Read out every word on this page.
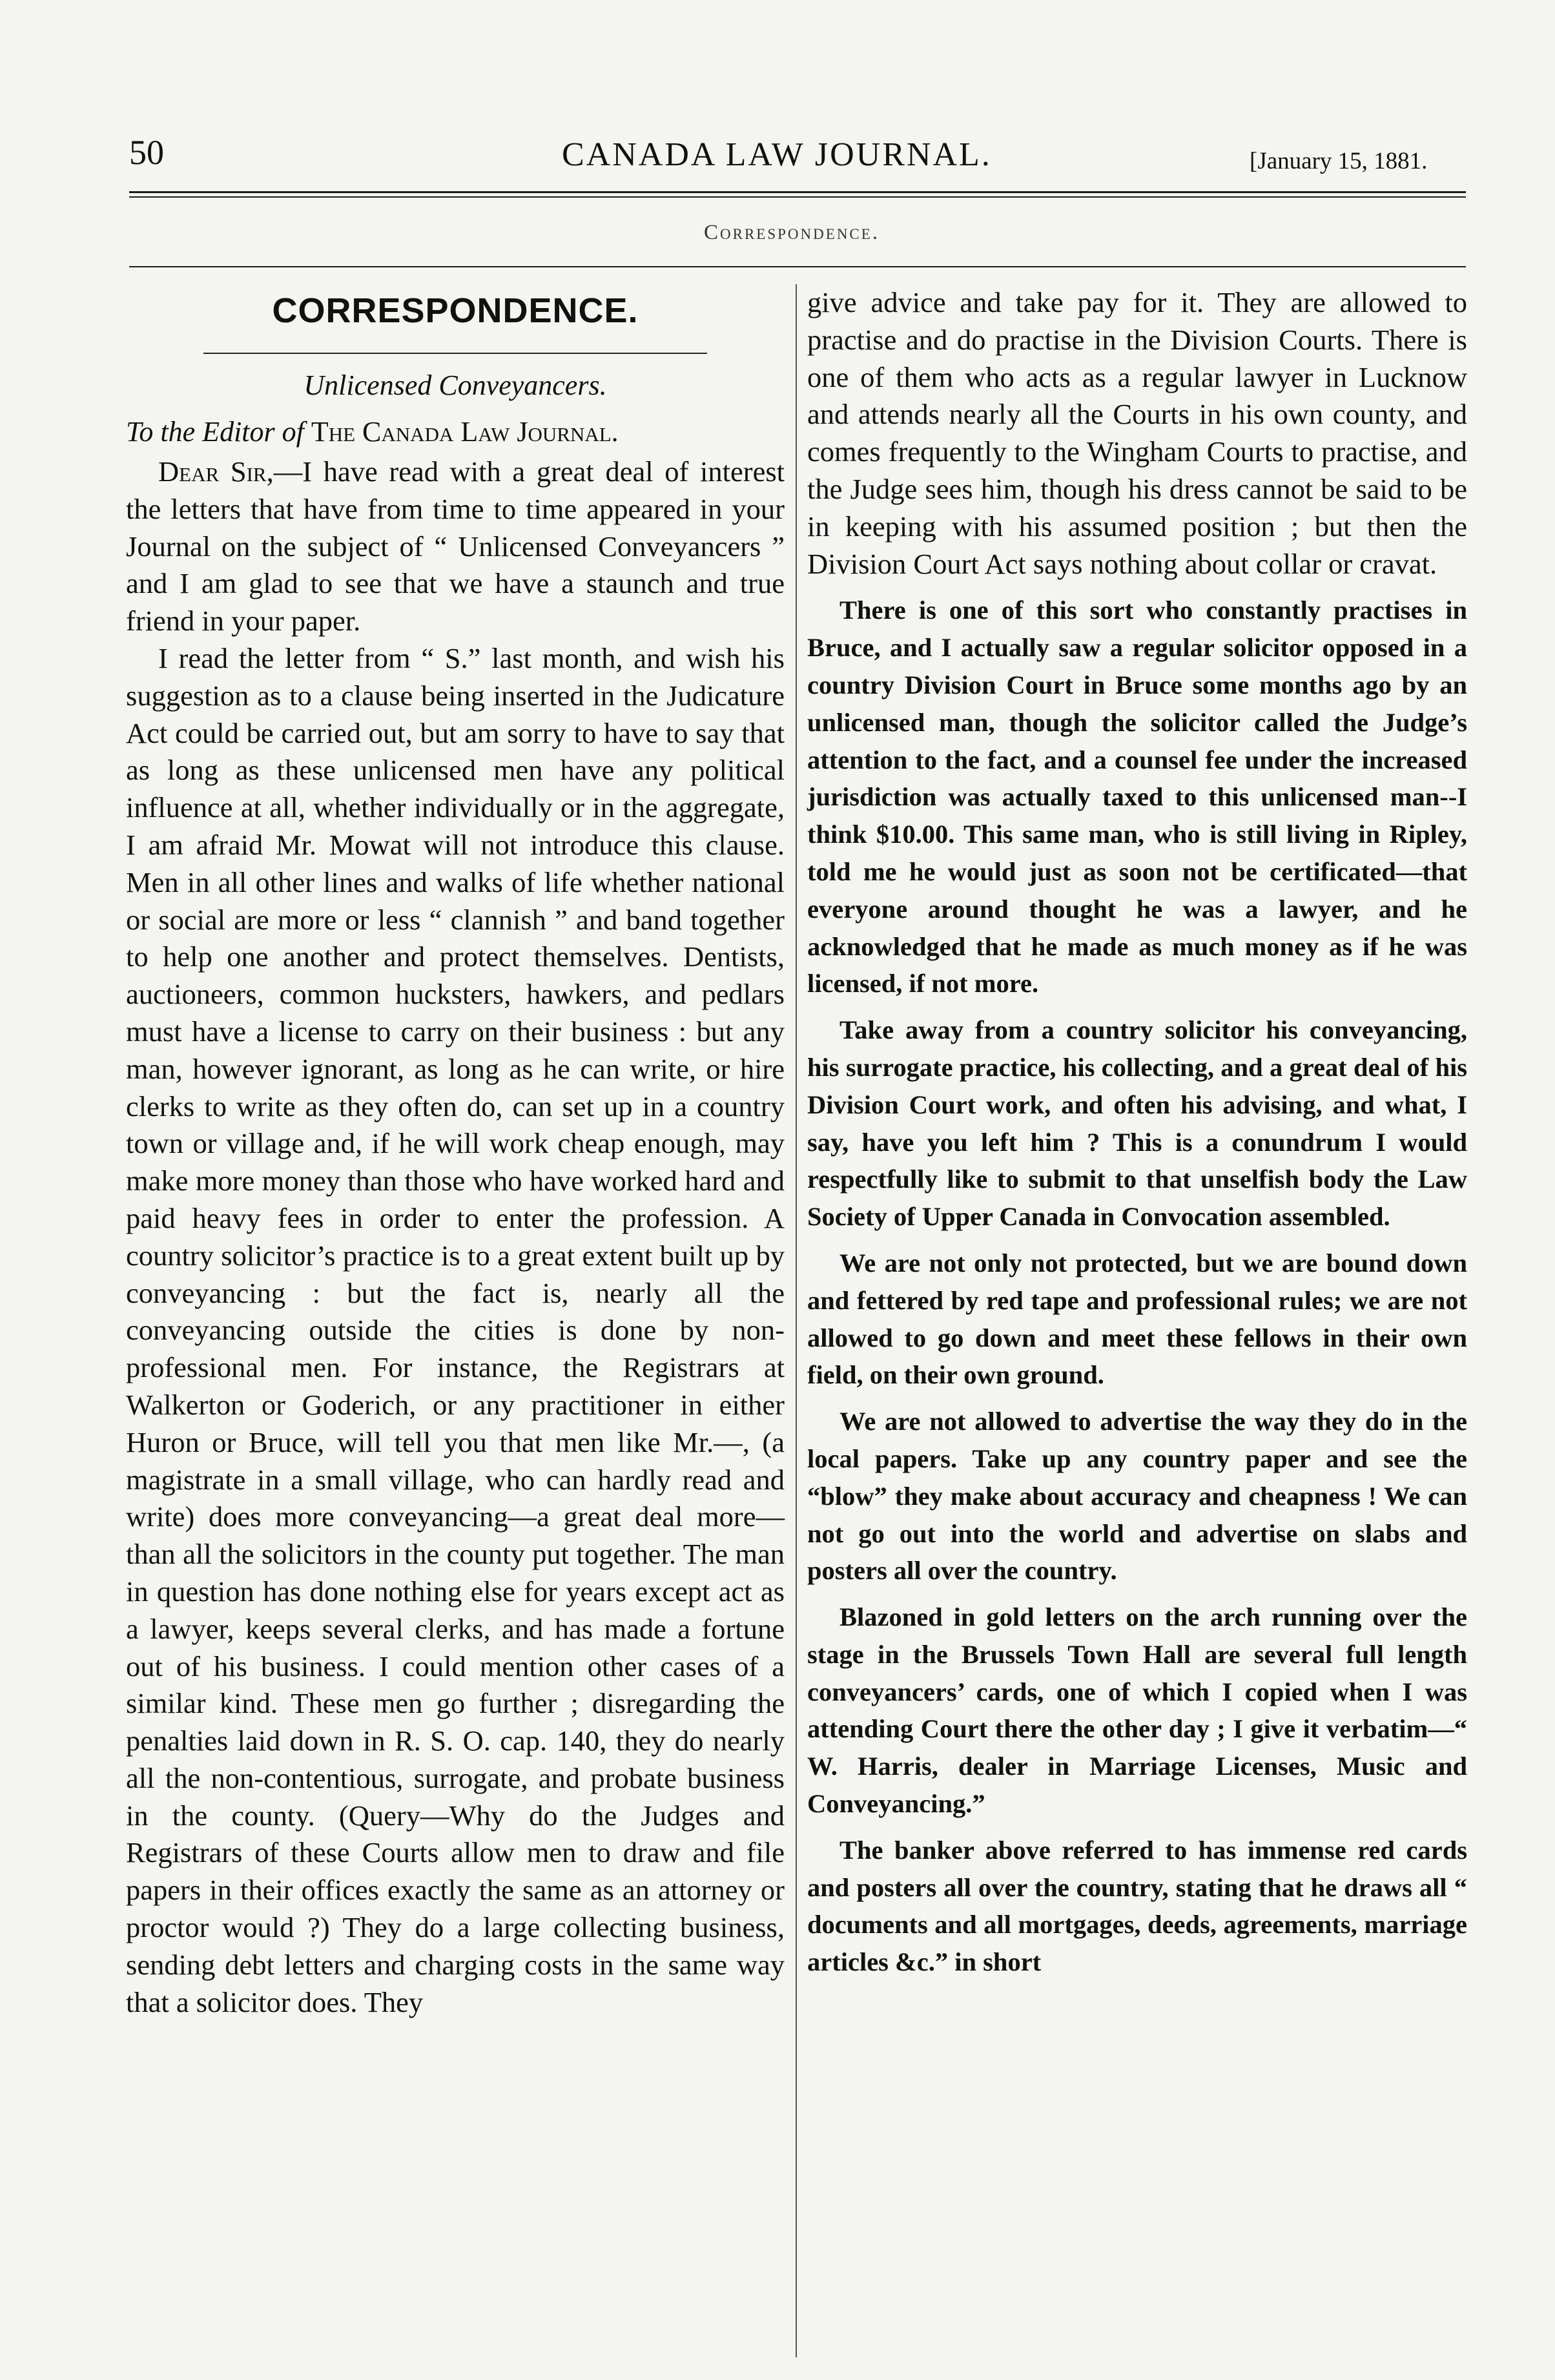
50	CANADA LAW JOURNAL.	[January 15, 1881.
Correspondence.
CORRESPONDENCE.
Unlicensed Conveyancers.
To the Editor of The Canada Law Journal.

Dear Sir,—I have read with a great deal of interest the letters that have from time to time appeared in your Journal on the subject of “ Unlicensed Conveyancers ” and I am glad to see that we have a staunch and true friend in your paper.

I read the letter from “ S.” last month, and wish his suggestion as to a clause being inserted in the Judicature Act could be carried out, but am sorry to have to say that as long as these unlicensed men have any political influence at all, whether individually or in the aggregate, I am afraid Mr. Mowat will not introduce this clause. Men in all other lines and walks of life whether national or social are more or less “ clannish ” and band together to help one another and protect themselves. Dentists, auctioneers, common hucksters, hawkers, and pedlars must have a license to carry on their business : but any man, however ignorant, as long as he can write, or hire clerks to write as they often do, can set up in a country town or village and, if he will work cheap enough, may make more money than those who have worked hard and paid heavy fees in order to enter the profession. A country solicitor’s practice is to a great extent built up by conveyancing : but the fact is, nearly all the conveyancing outside the cities is done by non-professional men. For instance, the Registrars at Walkerton or Goderich, or any practitioner in either Huron or Bruce, will tell you that men like Mr.—, (a magistrate in a small village, who can hardly read and write) does more conveyancing—a great deal more—than all the solicitors in the county put together. The man in question has done nothing else for years except act as a lawyer, keeps several clerks, and has made a fortune out of his business. I could mention other cases of a similar kind. These men go further ; disregarding the penalties laid down in R. S. O. cap. 140, they do nearly all the non-contentious, surrogate, and probate business in the county. (Query—Why do the Judges and Registrars of these Courts allow men to draw and file papers in their offices exactly the same as an attorney or proctor would ?) They do a large collecting business, sending debt letters and charging costs in the same way that a solicitor does. They

give advice and take pay for it. They are allowed to practise and do practise in the Division Courts. There is one of them who acts as a regular lawyer in Lucknow and attends nearly all the Courts in his own county, and comes frequently to the Wingham Courts to practise, and the Judge sees him, though his dress cannot be said to be in keeping with his assumed position ; but then the Division Court Act says nothing about collar or cravat.

There is one of this sort who constantly practises in Bruce, and I actually saw a regular solicitor opposed in a country Division Court in Bruce some months ago by an unlicensed man, though the solicitor called the Judge’s attention to the fact, and a counsel fee under the increased jurisdiction was actually taxed to this unlicensed man--I think $10.00. This same man, who is still living in Ripley, told me he would just as soon not be certificated—that everyone around thought he was a lawyer, and he acknowledged that he made as much money as if he was licensed, if not more.

Take away from a country solicitor his conveyancing, his surrogate practice, his collecting, and a great deal of his Division Court work, and often his advising, and what, I say, have you left him ? This is a conundrum I would respectfully like to submit to that unselfish body the Law Society of Upper Canada in Convocation assembled.

We are not only not protected, but we are bound down and fettered by red tape and professional rules; we are not allowed to go down and meet these fellows in their own field, on their own ground.

We are not allowed to advertise the way they do in the local papers. Take up any country paper and see the “blow” they make about accuracy and cheapness ! We can not go out into the world and advertise on slabs and posters all over the country.

Blazoned in gold letters on the arch running over the stage in the Brussels Town Hall are several full length conveyancers’ cards, one of which I copied when I was attending Court there the other day ; I give it verbatim—“ W. Harris, dealer in Marriage Licenses, Music and Conveyancing.”

The banker above referred to has immense red cards and posters all over the country, stating that he draws all “ documents and all mortgages, deeds, agreements, marriage articles &c.” in short
